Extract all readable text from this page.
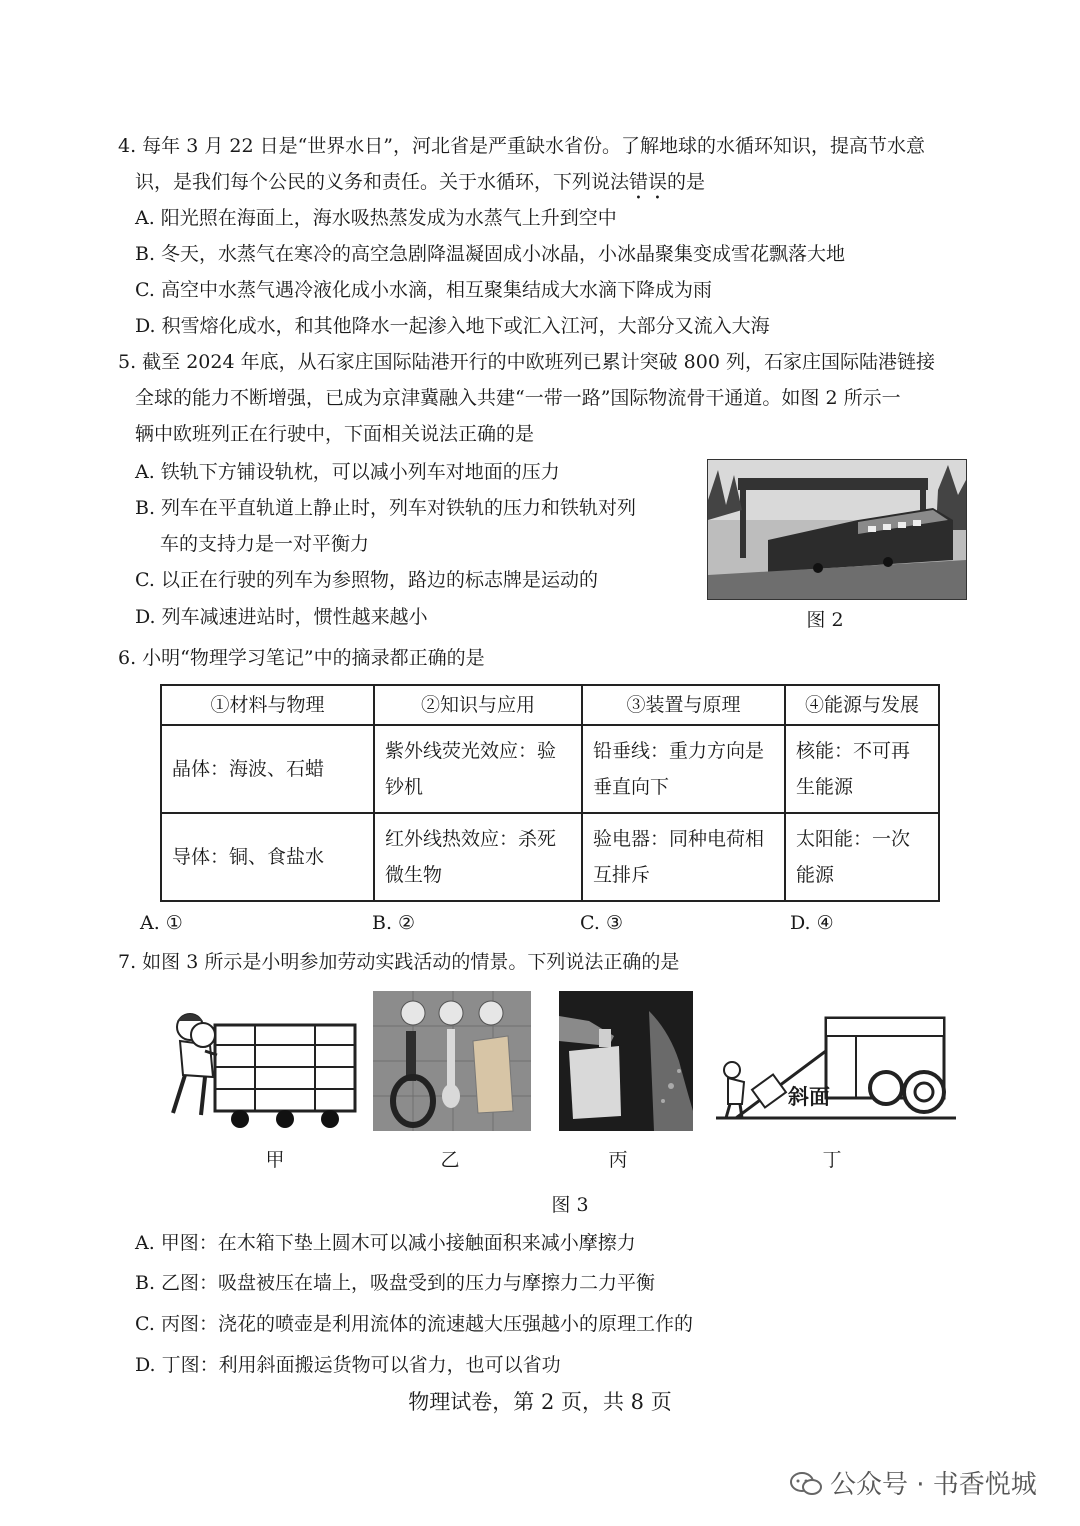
4. 每年 3 月 22 日是“世界水日”，河北省是严重缺水省份。了解地球的水循环知识，提高节水意
识，是我们每个公民的义务和责任。关于水循环，下列说法错误的是
A. 阳光照在海面上，海水吸热蒸发成为水蒸气上升到空中
B. 冬天，水蒸气在寒冷的高空急剧降温凝固成小冰晶，小冰晶聚集变成雪花飘落大地
C. 高空中水蒸气遇冷液化成小水滴，相互聚集结成大水滴下降成为雨
D. 积雪熔化成水，和其他降水一起渗入地下或汇入江河，大部分又流入大海
5. 截至 2024 年底，从石家庄国际陆港开行的中欧班列已累计突破 800 列，石家庄国际陆港链接
全球的能力不断增强，已成为京津冀融入共建“一带一路”国际物流骨干通道。如图 2 所示一
辆中欧班列正在行驶中，下面相关说法正确的是
A. 铁轨下方铺设轨枕，可以减小列车对地面的压力
B. 列车在平直轨道上静止时，列车对铁轨的压力和铁轨对列
车的支持力是一对平衡力
C. 以正在行驶的列车为参照物，路边的标志牌是运动的
D. 列车减速进站时，惯性越来越小	图 2
6. 小明“物理学习笔记”中的摘录都正确的是
①材料与物理	②知识与应用	③装置与原理	④能源与发展
晶体：海波、石蜡	紫外线荧光效应：验钞机	铅垂线：重力方向是垂直向下	核能：不可再生能源
导体：铜、食盐水	红外线热效应：杀死微生物	验电器：同种电荷相互排斥	太阳能：一次能源
A. ①	B. ②	C. ③	D. ④
7. 如图 3 所示是小明参加劳动实践活动的情景。下列说法正确的是
甲	乙	丙
斜面
丁
图 3
A. 甲图：在木箱下垫上圆木可以减小接触面积来减小摩擦力
B. 乙图：吸盘被压在墙上，吸盘受到的压力与摩擦力二力平衡
C. 丙图：浇花的喷壶是利用流体的流速越大压强越小的原理工作的
D. 丁图：利用斜面搬运货物可以省力，也可以省功
物理试卷，第 2 页，共 8 页
公众号 · 书香悦城
